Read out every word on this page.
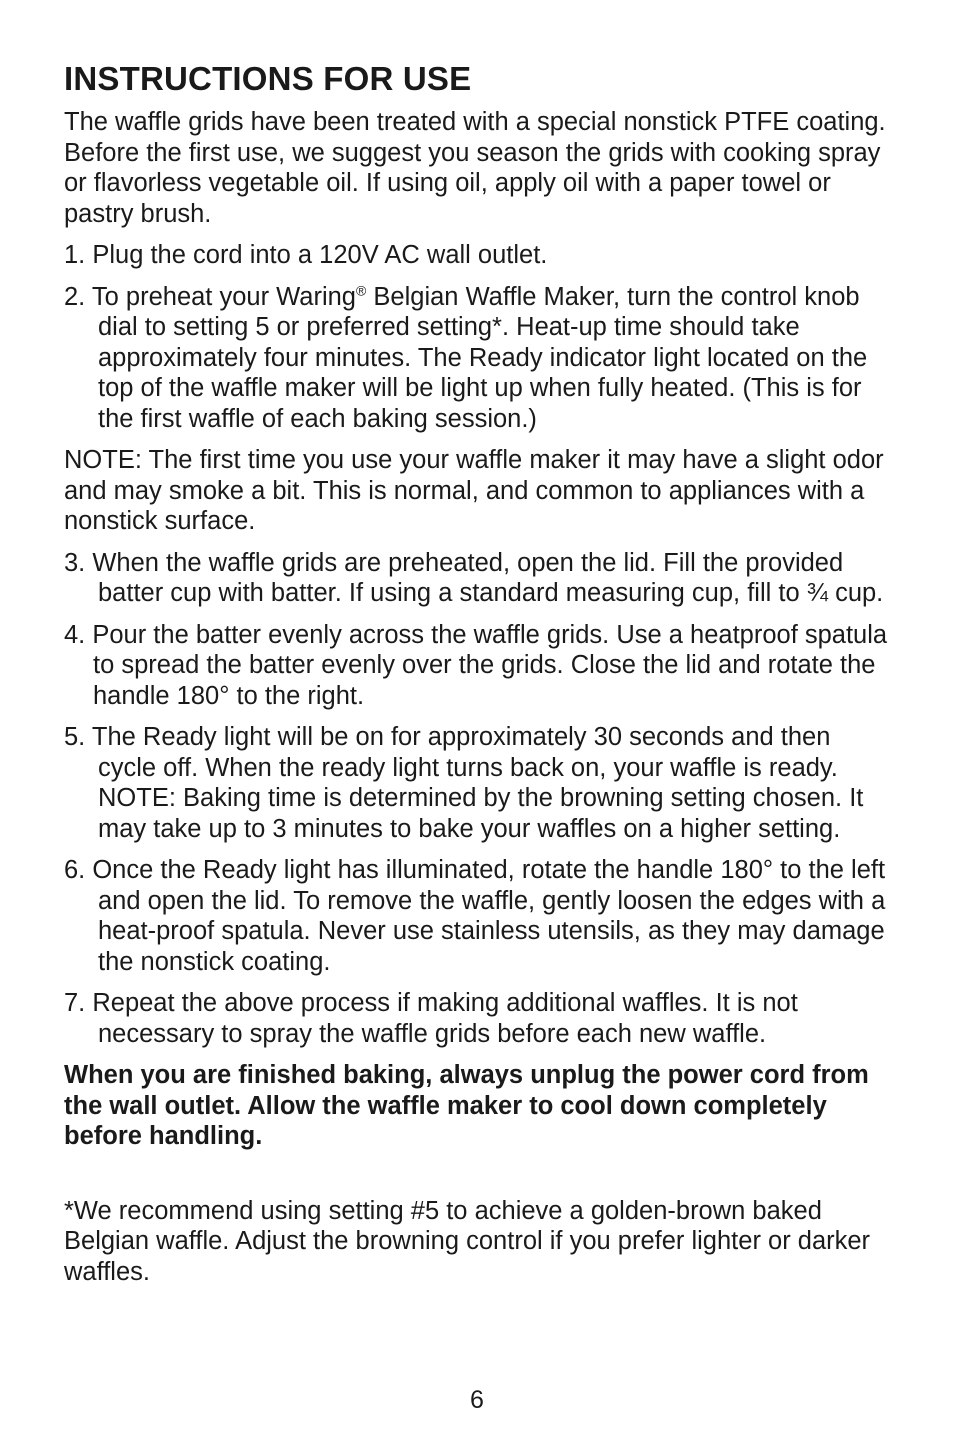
INSTRUCTIONS FOR USE

The waffle grids have been treated with a special nonstick PTFE coating. Before the first use, we suggest you season the grids with cooking spray or flavorless vegetable oil. If using oil, apply oil with a paper towel or pastry brush.

1. Plug the cord into a 120V AC wall outlet.

2. To preheat your Waring® Belgian Waffle Maker, turn the control knob dial to setting 5 or preferred setting*. Heat-up time should take approximately four minutes. The Ready indicator light located on the top of the waffle maker will be light up when fully heated. (This is for the first waffle of each baking session.)

NOTE: The first time you use your waffle maker it may have a slight odor and may smoke a bit. This is normal, and common to appliances with a nonstick surface.

3. When the waffle grids are preheated, open the lid. Fill the provided batter cup with batter. If using a standard measuring cup, fill to ¾ cup.

4. Pour the batter evenly across the waffle grids. Use a heatproof spatula to spread the batter evenly over the grids. Close the lid and rotate the handle 180° to the right.

5. The Ready light will be on for approximately 30 seconds and then cycle off. When the ready light turns back on, your waffle is ready. NOTE: Baking time is determined by the browning setting chosen. It may take up to 3 minutes to bake your waffles on a higher setting.

6. Once the Ready light has illuminated, rotate the handle 180° to the left and open the lid. To remove the waffle, gently loosen the edges with a heat-proof spatula. Never use stainless utensils, as they may damage the nonstick coating.

7. Repeat the above process if making additional waffles. It is not necessary to spray the waffle grids before each new waffle.

When you are finished baking, always unplug the power cord from the wall outlet. Allow the waffle maker to cool down completely before handling.

*We recommend using setting #5 to achieve a golden-brown baked Belgian waffle. Adjust the browning control if you prefer lighter or darker waffles.

6
